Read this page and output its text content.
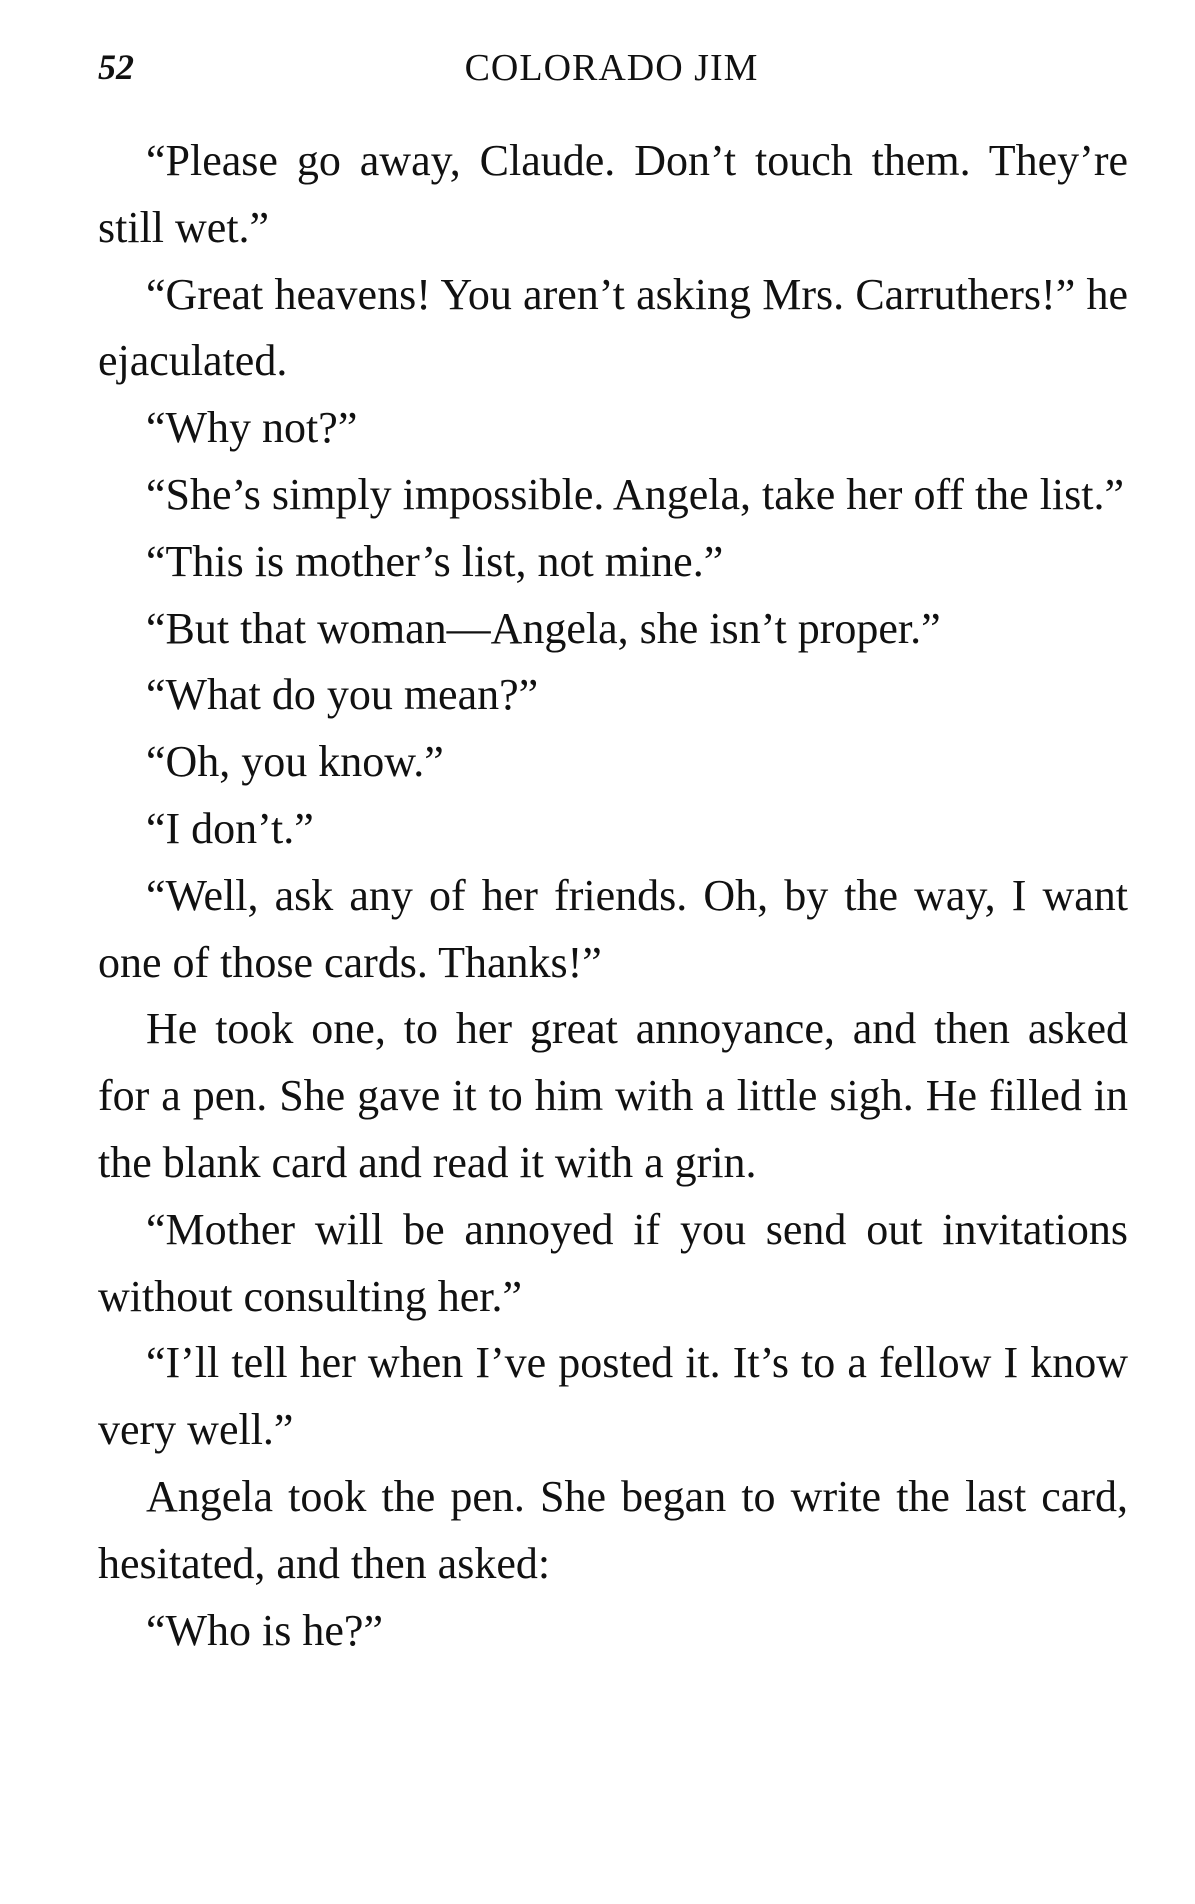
52	COLORADO JIM

“Please go away, Claude. Don’t touch them. They’re still wet.”

“Great heavens! You aren’t asking Mrs. Carruthers!” he ejaculated.

“Why not?”

“She’s simply impossible. Angela, take her off the list.”

“This is mother’s list, not mine.”

“But that woman—Angela, she isn’t proper.”

“What do you mean?”

“Oh, you know.”

“I don’t.”

“Well, ask any of her friends. Oh, by the way, I want one of those cards. Thanks!”

He took one, to her great annoyance, and then asked for a pen. She gave it to him with a little sigh. He filled in the blank card and read it with a grin.

“Mother will be annoyed if you send out invitations without consulting her.”

“I’ll tell her when I’ve posted it. It’s to a fellow I know very well.”

Angela took the pen. She began to write the last card, hesitated, and then asked:

“Who is he?”
